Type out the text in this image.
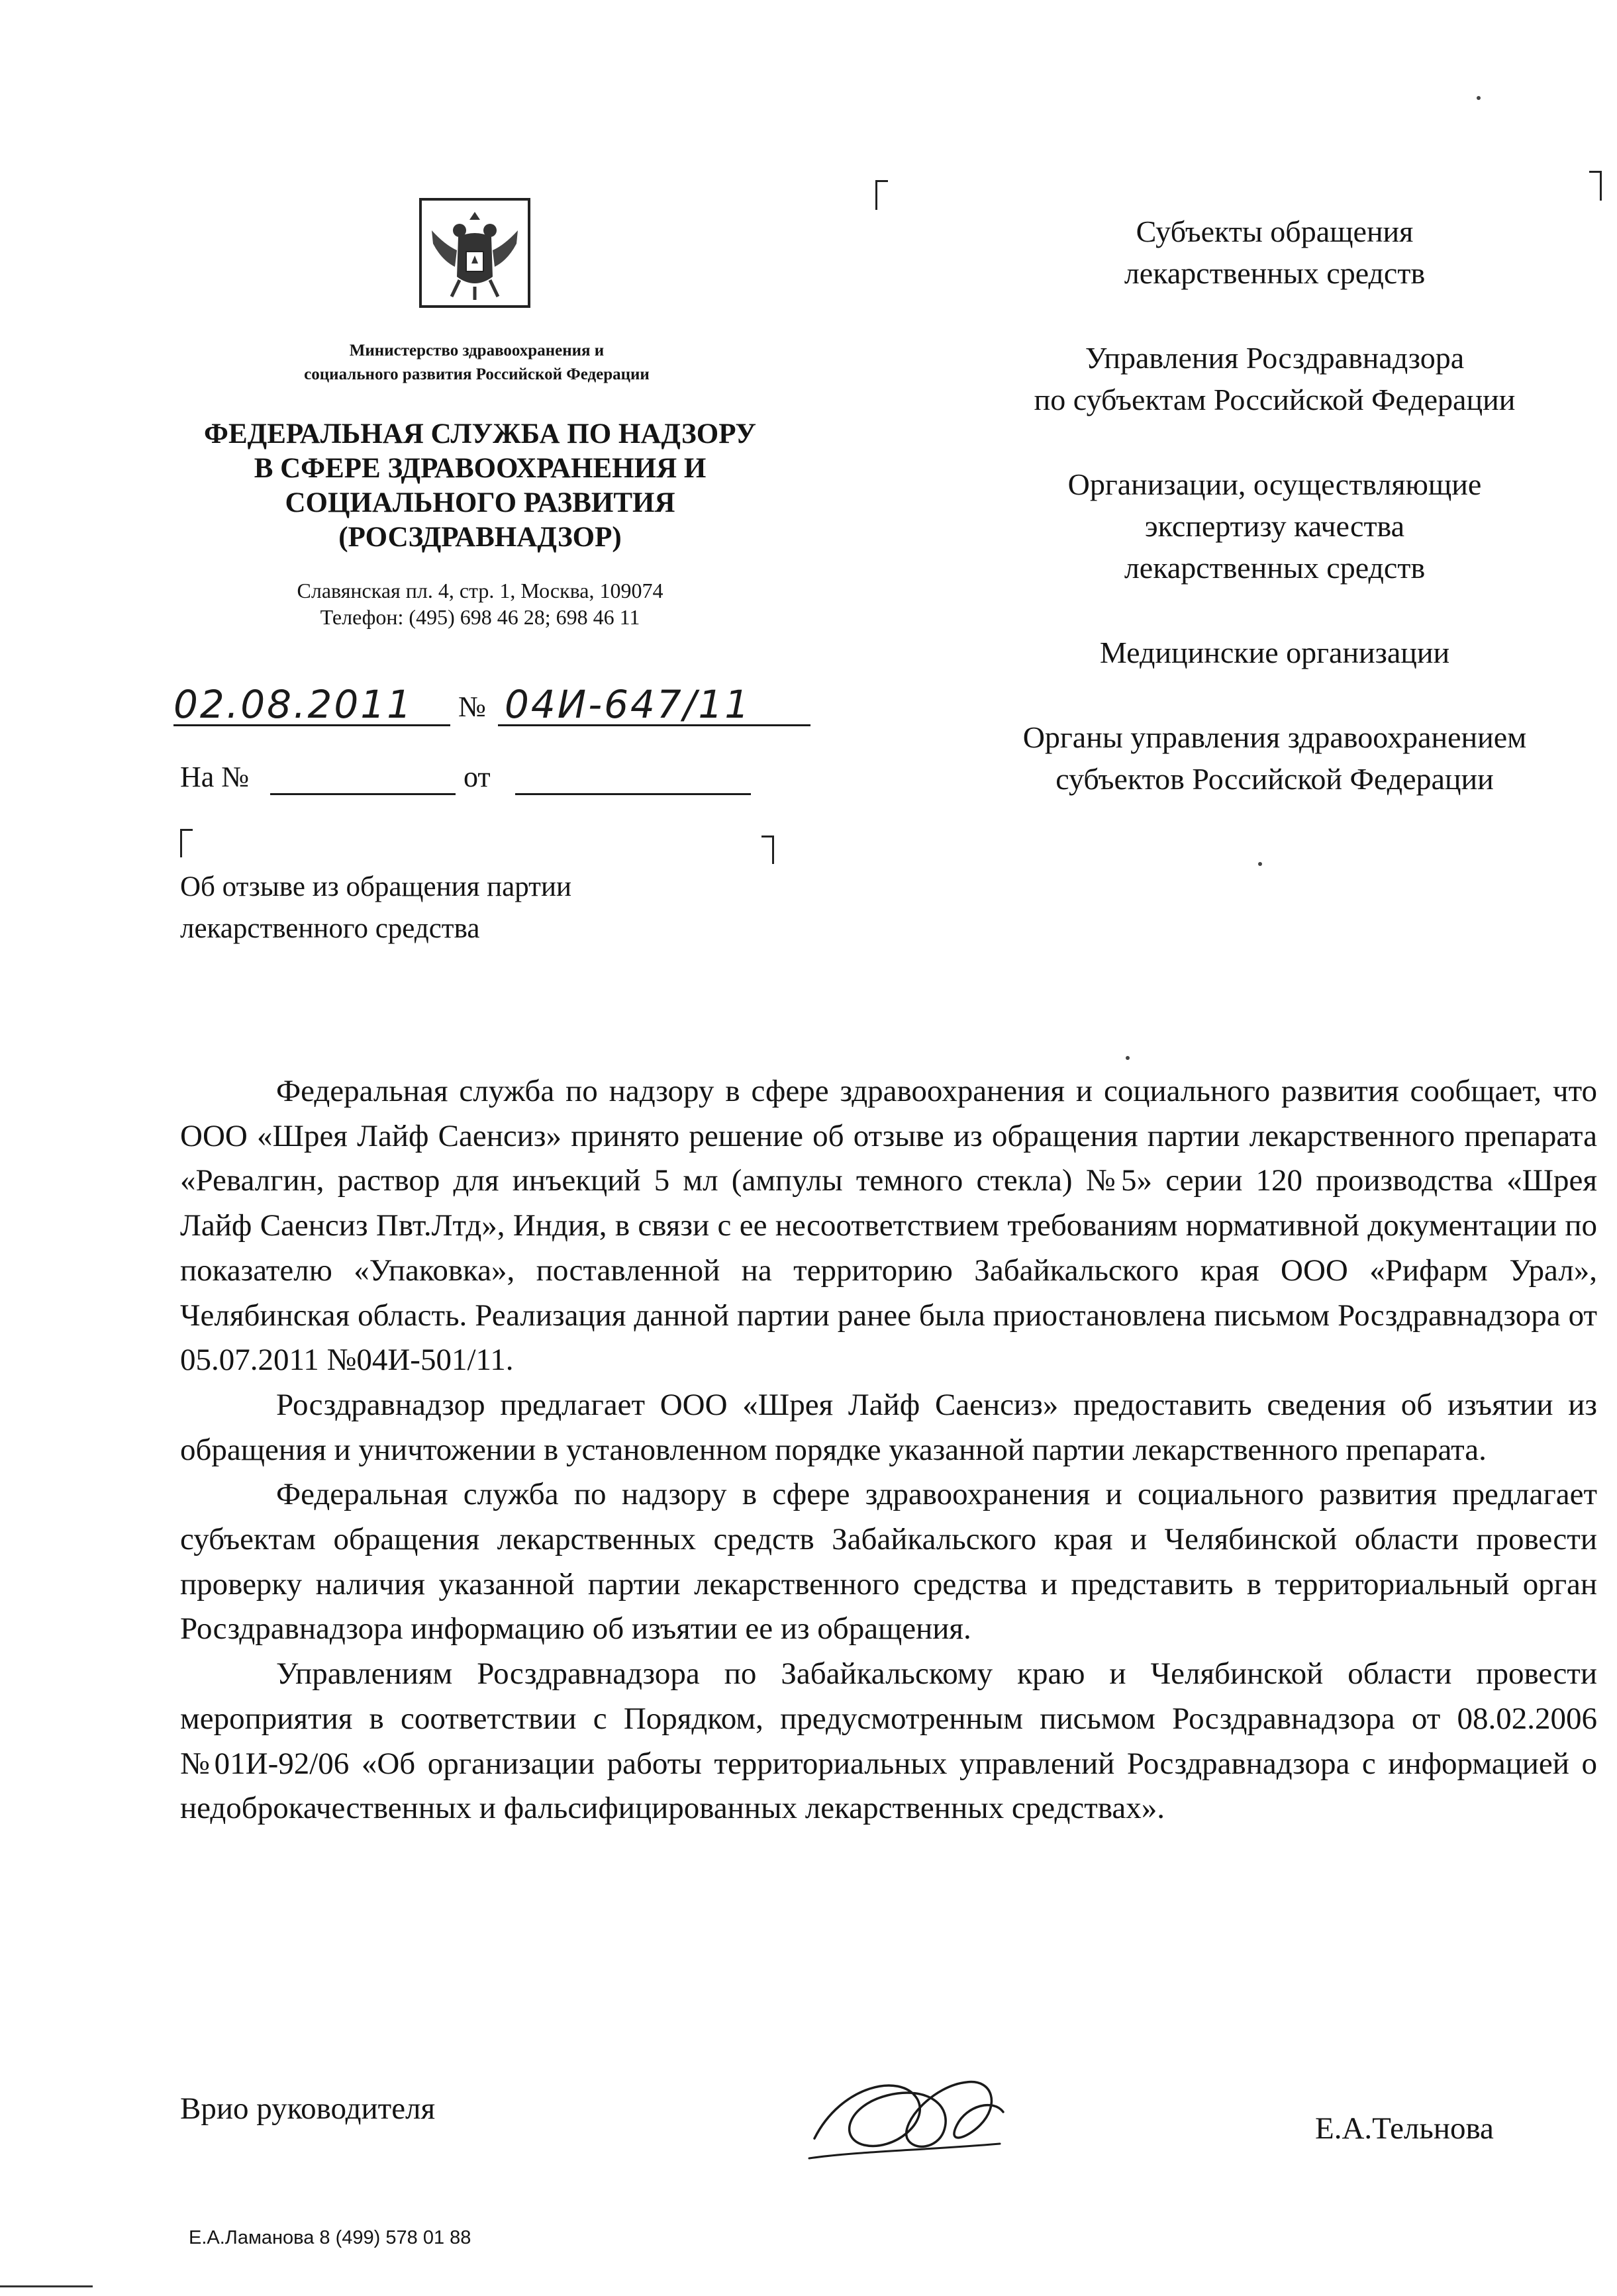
Министерство здравоохранения и
социального развития Российской Федерации
ФЕДЕРАЛЬНАЯ СЛУЖБА ПО НАДЗОРУ
В СФЕРЕ ЗДРАВООХРАНЕНИЯ И
СОЦИАЛЬНОГО РАЗВИТИЯ
(РОСЗДРАВНАДЗОР)
Славянская пл. 4, стр. 1, Москва, 109074
Телефон: (495) 698 46 28; 698 46 11
02.08.2011	№ 04И-647/11
На №	от
Об отзыве из обращения партии
лекарственного средства

Субъекты обращения
лекарственных средств

Управления Росздравнадзора
по субъектам Российской Федерации

Организации, осуществляющие
экспертизу качества
лекарственных средств

Медицинские организации

Органы управления здравоохранением
субъектов Российской Федерации

Федеральная служба по надзору в сфере здравоохранения и социального развития сообщает, что ООО «Шрея Лайф Саенсиз» принято решение об отзыве из обращения партии лекарственного препарата «Ревалгин, раствор для инъекций 5 мл (ампулы темного стекла) №5» серии 120 производства «Шрея Лайф Саенсиз Пвт.Лтд», Индия, в связи с ее несоответствием требованиям нормативной документации по показателю «Упаковка», поставленной на территорию Забайкальского края ООО «Рифарм Урал», Челябинская область. Реализация данной партии ранее была приостановлена письмом Росздравнадзора от 05.07.2011 №04И-501/11.

Росздравнадзор предлагает ООО «Шрея Лайф Саенсиз» предоставить сведения об изъятии из обращения и уничтожении в установленном порядке указанной партии лекарственного препарата.

Федеральная служба по надзору в сфере здравоохранения и социального развития предлагает субъектам обращения лекарственных средств Забайкальского края и Челябинской области провести проверку наличия указанной партии лекарственного средства и представить в территориальный орган Росздравнадзора информацию об изъятии ее из обращения.

Управлениям Росздравнадзора по Забайкальскому краю и Челябинской области провести мероприятия в соответствии с Порядком, предусмотренным письмом Росздравнадзора от 08.02.2006 №01И-92/06 «Об организации работы территориальных управлений Росздравнадзора с информацией о недоброкачественных и фальсифицированных лекарственных средствах».

Врио руководителя
Е.А.Тельнова
Е.А.Ламанова 8 (499) 578 01 88
